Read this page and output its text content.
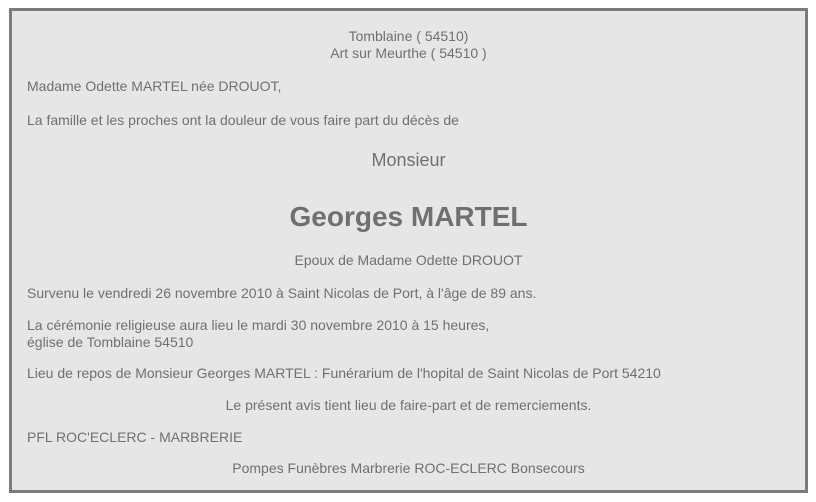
Tomblaine ( 54510)
Art sur Meurthe ( 54510 )
Madame Odette MARTEL née DROUOT,
La famille et les proches ont la douleur de vous faire part du décès de
Monsieur
Georges MARTEL
Epoux de Madame Odette DROUOT
Survenu le vendredi 26 novembre 2010 à Saint Nicolas de Port, à l'âge de 89 ans.
La cérémonie religieuse aura lieu le mardi 30 novembre 2010 à 15 heures,
église de Tomblaine 54510
Lieu de repos de Monsieur Georges MARTEL : Funérarium de l'hopital de Saint Nicolas de Port 54210
Le présent avis tient lieu de faire-part et de remerciements.
PFL ROC'ECLERC - MARBRERIE
Pompes Funèbres Marbrerie ROC-ECLERC Bonsecours
